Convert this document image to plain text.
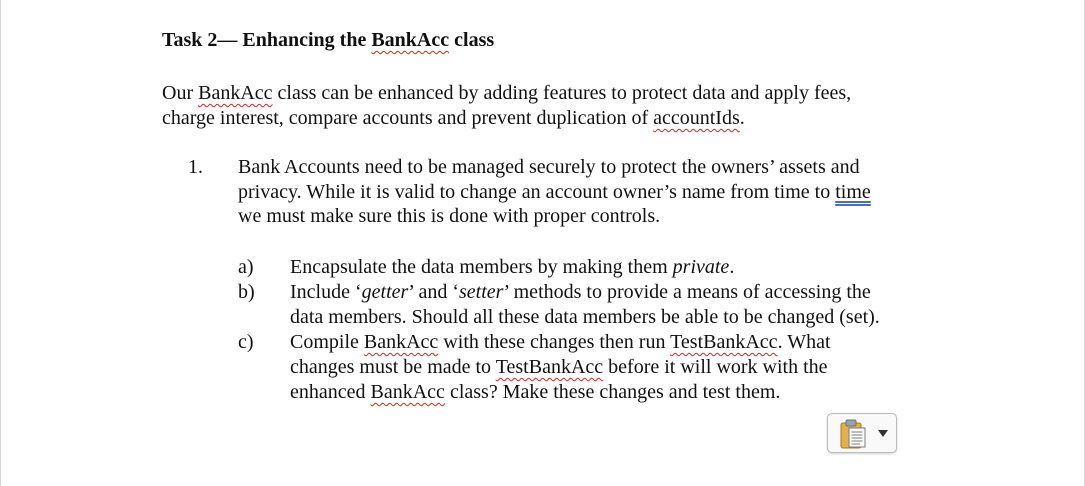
Task 2— Enhancing the BankAcc class
Our BankAcc class can be enhanced by adding features to protect data and apply fees,
charge interest, compare accounts and prevent duplication of accountIds.
1. Bank Accounts need to be managed securely to protect the owners’ assets and
privacy. While it is valid to change an account owner’s name from time to time
we must make sure this is done with proper controls.
a) Encapsulate the data members by making them private.
b) Include ‘getter’ and ‘setter’ methods to provide a means of accessing the
data members. Should all these data members be able to be changed (set).
c) Compile BankAcc with these changes then run TestBankAcc. What
changes must be made to TestBankAcc before it will work with the
enhanced BankAcc class? Make these changes and test them.
